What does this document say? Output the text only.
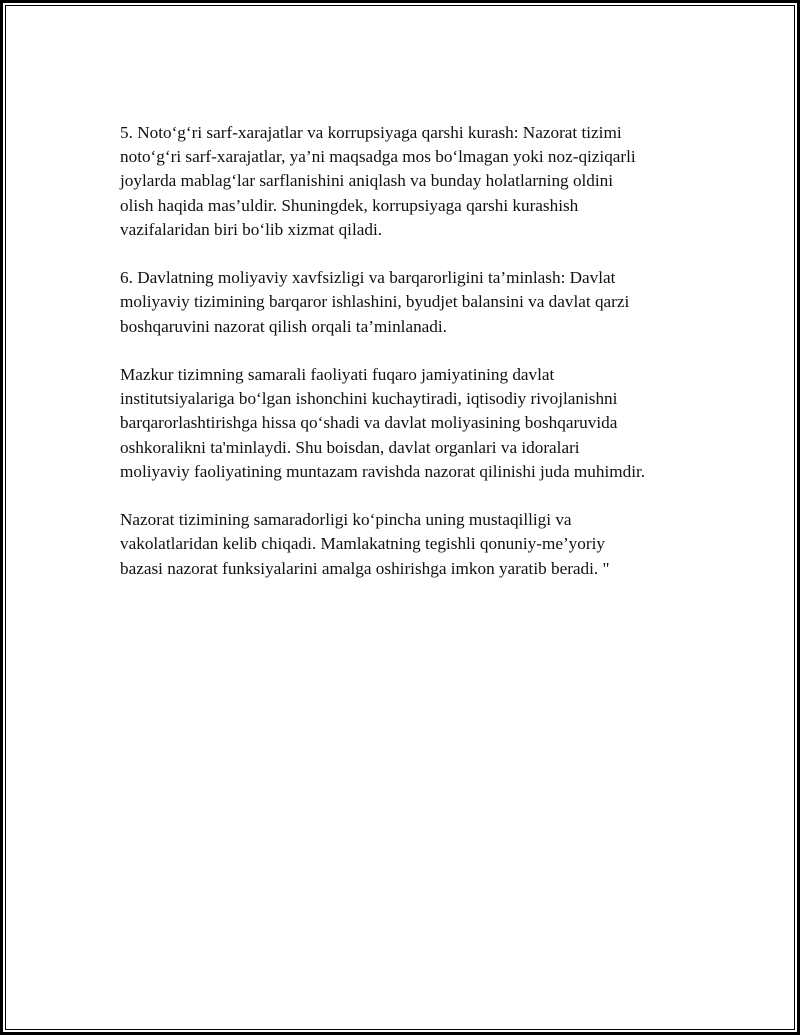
5. Noto‘g‘ri sarf-xarajatlar va korrupsiyaga qarshi kurash: Nazorat tizimi
noto‘g‘ri sarf-xarajatlar, ya’ni maqsadga mos bo‘lmagan yoki noz-qiziqarli
joylarda mablag‘lar sarflanishini aniqlash va bunday holatlarning oldini
olish haqida mas’uldir. Shuningdek, korrupsiyaga qarshi kurashish
vazifalaridan biri bo‘lib xizmat qiladi.

6. Davlatning moliyaviy xavfsizligi va barqarorligini ta’minlash: Davlat
moliyaviy tizimining barqaror ishlashini, byudjet balansini va davlat qarzi
boshqaruvini nazorat qilish orqali ta’minlanadi.

Mazkur tizimning samarali faoliyati fuqaro jamiyatining davlat
institutsiyalariga bo‘lgan ishonchini kuchaytiradi, iqtisodiy rivojlanishni
barqarorlashtirishga hissa qo‘shadi va davlat moliyasining boshqaruvida
oshkoralikni ta'minlaydi. Shu boisdan, davlat organlari va idoralari
moliyaviy faoliyatining muntazam ravishda nazorat qilinishi juda muhimdir.

Nazorat tizimining samaradorligi ko‘pincha uning mustaqilligi va
vakolatlaridan kelib chiqadi. Mamlakatning tegishli qonuniy-me’yoriy
bazasi nazorat funksiyalarini amalga oshirishga imkon yaratib beradi. "
